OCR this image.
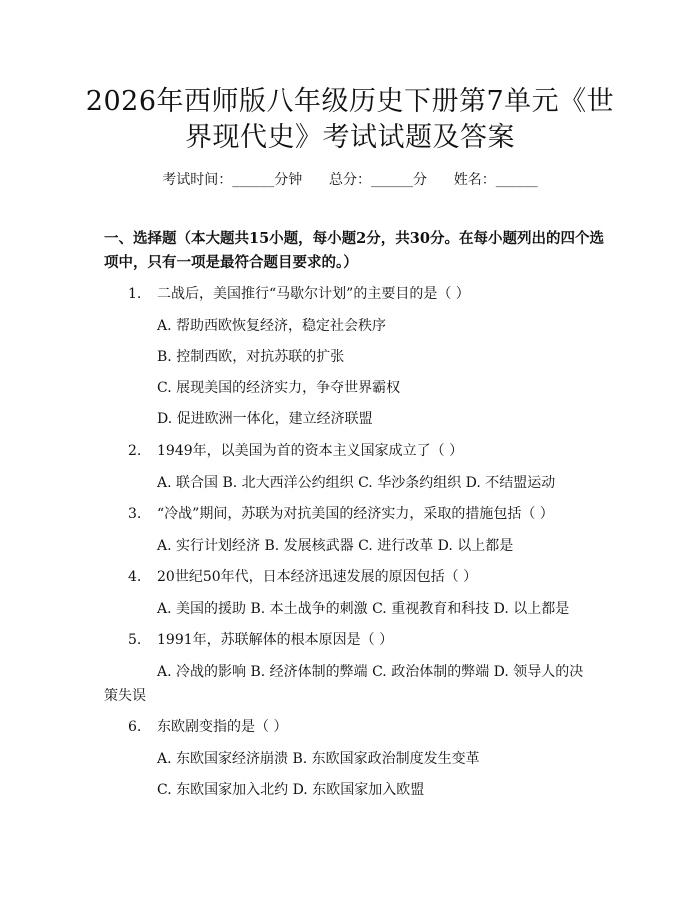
2026年西师版八年级历史下册第7单元《世
界现代史》考试试题及答案
考试时间：______分钟      总分：______分      姓名：______
一、选择题（本大题共15小题，每小题2分，共30分。在每小题列出的四个选
项中，只有一项是最符合题目要求的。）
1. 二战后，美国推行“马歇尔计划”的主要目的是（ ）
A. 帮助西欧恢复经济，稳定社会秩序
B. 控制西欧，对抗苏联的扩张
C. 展现美国的经济实力，争夺世界霸权
D. 促进欧洲一体化，建立经济联盟
2. 1949年，以美国为首的资本主义国家成立了（ ）
A. 联合国 B. 北大西洋公约组织 C. 华沙条约组织 D. 不结盟运动
3. “冷战”期间，苏联为对抗美国的经济实力，采取的措施包括（ ）
A. 实行计划经济 B. 发展核武器 C. 进行改革 D. 以上都是
4. 20世纪50年代，日本经济迅速发展的原因包括（ ）
A. 美国的援助 B. 本土战争的刺激 C. 重视教育和科技 D. 以上都是
5. 1991年，苏联解体的根本原因是（ ）
A. 冷战的影响 B. 经济体制的弊端 C. 政治体制的弊端 D. 领导人的决
策失误
6. 东欧剧变指的是（ ）
A. 东欧国家经济崩溃 B. 东欧国家政治制度发生变革
C. 东欧国家加入北约 D. 东欧国家加入欧盟
